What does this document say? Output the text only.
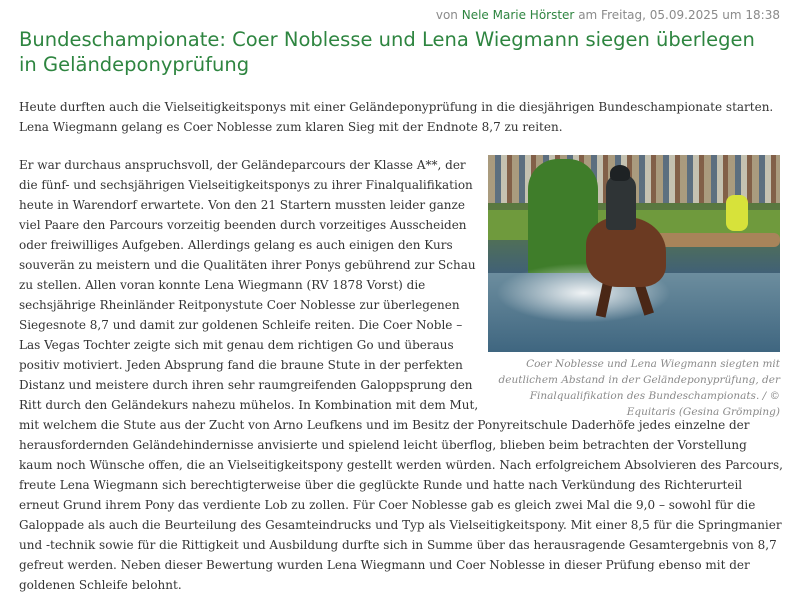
von Nele Marie Hörster am Freitag, 05.09.2025 um 18:38
Bundeschampionate: Coer Noblesse und Lena Wiegmann siegen überlegen in Geländeponyprüfung

Heute durften auch die Vielseitigkeitsponys mit einer Geländeponyprüfung in die diesjährigen Bundeschampionate starten. Lena Wiegmann gelang es Coer Noblesse zum klaren Sieg mit der Endnote 8,7 zu reiten.

Er war durchaus anspruchsvoll, der Geländeparcours der Klasse A**, der die fünf- und sechsjährigen Vielseitigkeitsponys zu ihrer Finalqualifikation heute in Warendorf erwartete. Von den 21 Startern mussten leider ganze viel Paare den Parcours vorzeitig beenden durch vorzeitiges Ausscheiden oder freiwilliges Aufgeben. Allerdings gelang es auch einigen den Kurs souverän zu meistern und die Qualitäten ihrer Ponys gebührend zur Schau zu stellen. Allen voran konnte Lena Wiegmann (RV 1878 Vorst) die sechsjährige Rheinländer Reitponystute Coer Noblesse zur überlegenen Siegesnote 8,7 und damit zur goldenen Schleife reiten. Die Coer Noble – Las Vegas Tochter zeigte sich mit genau dem richtigen Go und überaus positiv motiviert. Jeden Absprung fand die braune Stute in der perfekten Distanz und meistere durch ihren sehr raumgreifenden Galoppsprung den Ritt durch den Geländekurs nahezu mühelos. In Kombination mit dem Mut, mit welchem die Stute aus der Zucht von Arno Leufkens und im Besitz der Ponyreitschule Daderhöfe jedes einzelne der herausfordernden Geländehindernisse anvisierte und spielend leicht überflog, blieben beim betrachten der Vorstellung kaum noch Wünsche offen, die an Vielseitigkeitspony gestellt werden würden. Nach erfolgreichem Absolvieren des Parcours, freute Lena Wiegmann sich berechtigterweise über die geglückte Runde und hatte nach Verkündung des Richterurteil erneut Grund ihrem Pony das verdiente Lob zu zollen. Für Coer Noblesse gab es gleich zwei Mal die 9,0 – sowohl für die Galoppade als auch die Beurteilung des Gesamteindrucks und Typ als Vielseitigkeitspony. Mit einer 8,5 für die Springmanier und -technik sowie für die Rittigkeit und Ausbildung durfte sich in Summe über das herausragende Gesamtergebnis von 8,7 gefreut werden. Neben dieser Bewertung wurden Lena Wiegmann und Coer Noblesse in dieser Prüfung ebenso mit der goldenen Schleife belohnt.

Coer Noblesse und Lena Wiegmann siegten mit deutlichem Abstand in der Geländeponyprüfung, der Finalqualifikation des Bundeschampionats. / © Equitaris (Gesina Grömping)
